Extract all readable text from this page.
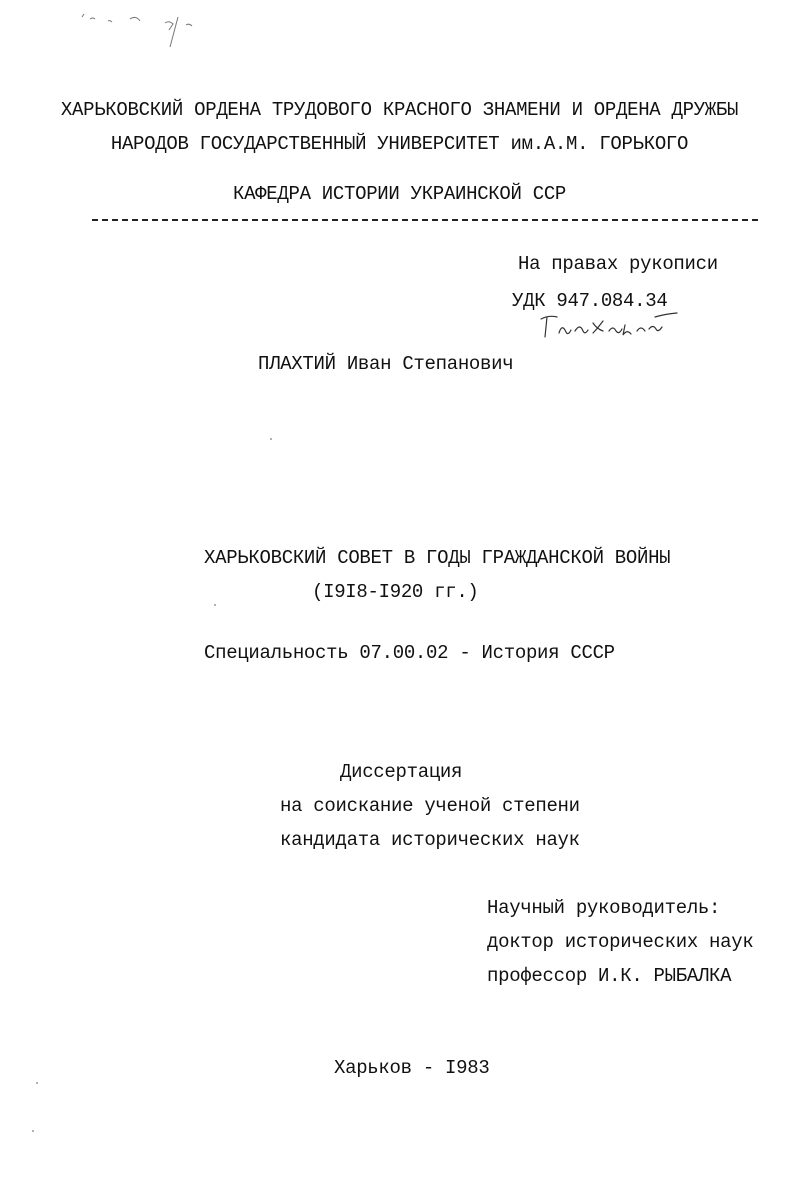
ХАРЬКОВСКИЙ ОРДЕНА ТРУДОВОГО КРАСНОГО ЗНАМЕНИ И ОРДЕНА ДРУЖБЫ
НАРОДОВ ГОСУДАРСТВЕННЫЙ УНИВЕРСИТЕТ им.А.М. ГОРЬКОГО
КАФЕДРА ИСТОРИИ УКРАИНСКОЙ ССР
На правах рукописи
УДК 947.084.34
ПЛАХТИЙ Иван Степанович
ХАРЬКОВСКИЙ СОВЕТ В ГОДЫ ГРАЖДАНСКОЙ ВОЙНЫ
(I9I8-I920 гг.)
Специальность 07.00.02 - История СССР
Диссертация
на соискание ученой степени
кандидата исторических наук
Научный руководитель:
доктор исторических наук
профессор И.К. РЫБАЛКА
Харьков - I983
